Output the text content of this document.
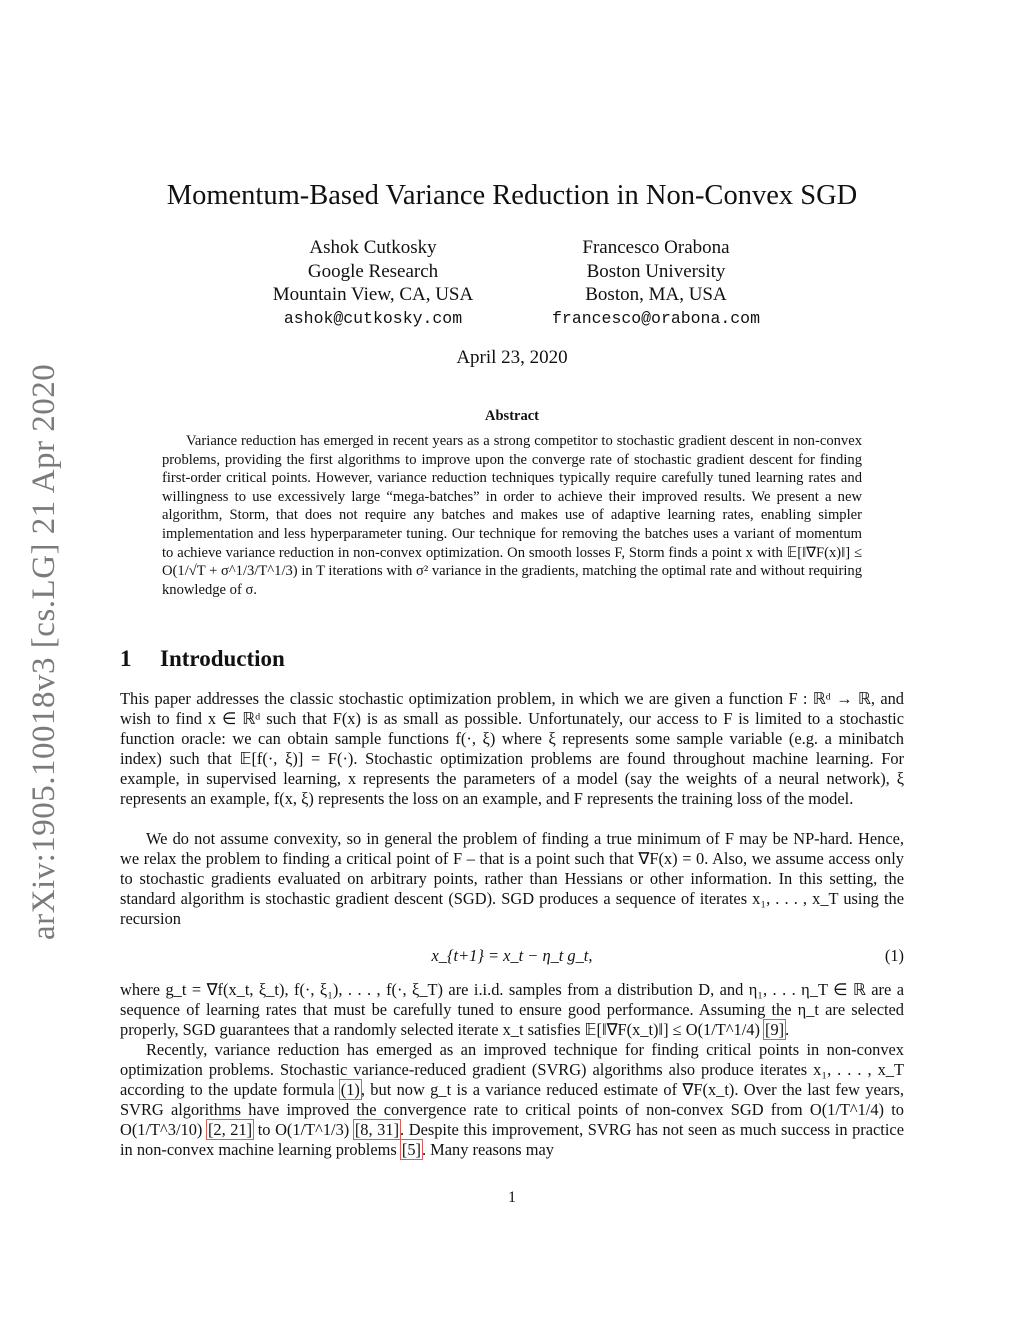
arXiv:1905.10018v3 [cs.LG] 21 Apr 2020
Momentum-Based Variance Reduction in Non-Convex SGD
Ashok Cutkosky
Google Research
Mountain View, CA, USA
ashok@cutkosky.com
Francesco Orabona
Boston University
Boston, MA, USA
francesco@orabona.com
April 23, 2020
Abstract

Variance reduction has emerged in recent years as a strong competitor to stochastic gradient descent in non-convex problems, providing the first algorithms to improve upon the converge rate of stochastic gradient descent for finding first-order critical points. However, variance reduction techniques typically require carefully tuned learning rates and willingness to use excessively large “mega-batches” in order to achieve their improved results. We present a new algorithm, Storm, that does not require any batches and makes use of adaptive learning rates, enabling simpler implementation and less hyperparameter tuning. Our technique for removing the batches uses a variant of momentum to achieve variance reduction in non-convex optimization. On smooth losses F, Storm finds a point x with 𝔼[‖∇F(x)‖] ≤ O(1/√T + σ^1/3/T^1/3) in T iterations with σ² variance in the gradients, matching the optimal rate and without requiring knowledge of σ.

1 Introduction

This paper addresses the classic stochastic optimization problem, in which we are given a function F : ℝᵈ → ℝ, and wish to find x ∈ ℝᵈ such that F(x) is as small as possible. Unfortunately, our access to F is limited to a stochastic function oracle: we can obtain sample functions f(·, ξ) where ξ represents some sample variable (e.g. a minibatch index) such that 𝔼[f(·, ξ)] = F(·). Stochastic optimization problems are found throughout machine learning. For example, in supervised learning, x represents the parameters of a model (say the weights of a neural network), ξ represents an example, f(x, ξ) represents the loss on an example, and F represents the training loss of the model.

We do not assume convexity, so in general the problem of finding a true minimum of F may be NP-hard. Hence, we relax the problem to finding a critical point of F – that is a point such that ∇F(x) = 0. Also, we assume access only to stochastic gradients evaluated on arbitrary points, rather than Hessians or other information. In this setting, the standard algorithm is stochastic gradient descent (SGD). SGD produces a sequence of iterates x₁, . . . , x_T using the recursion

x_{t+1} = x_t − η_t g_t,	(1)

where g_t = ∇f(x_t, ξ_t), f(·, ξ₁), . . . , f(·, ξ_T) are i.i.d. samples from a distribution D, and η₁, . . . η_T ∈ ℝ are a sequence of learning rates that must be carefully tuned to ensure good performance. Assuming the η_t are selected properly, SGD guarantees that a randomly selected iterate x_t satisfies 𝔼[‖∇F(x_t)‖] ≤ O(1/T^1/4) [9].

Recently, variance reduction has emerged as an improved technique for finding critical points in non-convex optimization problems. Stochastic variance-reduced gradient (SVRG) algorithms also produce iterates x₁, . . . , x_T according to the update formula (1), but now g_t is a variance reduced estimate of ∇F(x_t). Over the last few years, SVRG algorithms have improved the convergence rate to critical points of non-convex SGD from O(1/T^1/4) to O(1/T^3/10) [2, 21] to O(1/T^1/3) [8, 31]. Despite this improvement, SVRG has not seen as much success in practice in non-convex machine learning problems [5]. Many reasons may

1
